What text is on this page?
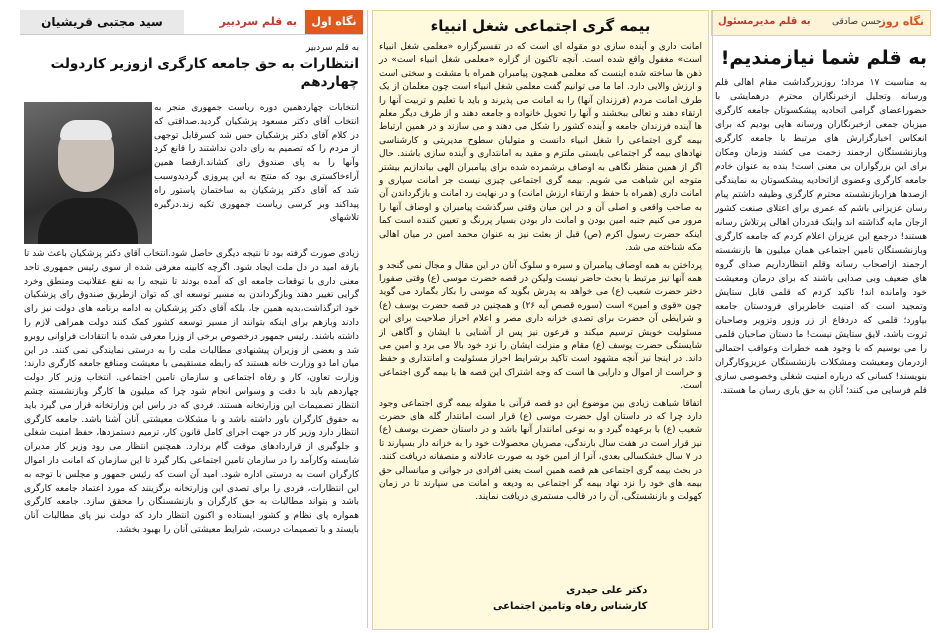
نگاه روز
به قلم مدیرمسئول حسن صادقی
به قلم شما نیازمندیم!
به مناسبت ۱۷ مرداد؛ روزبزرگداشت مقام اهالی قلم ورسانه وتجلیل ازخبرنگاران محترم درهمایشی با حضوراعضای گرامی اتحادیه پیشکسوتان جامعه کارگری میزبان جمعی ازخبرنگاران ورسانه هایی بودیم که برای انعکاس اخبارگزارش های مرتبط با جامعه کارگری وبازنشستگان ارجمند زحمت می کشند وزمان ومکان برای این بزرگواران بی معنی است! بنده به عنوان خادم جامعه کارگری وعضوی ازاتحادیه پیشکسوتان به نمایندگی ازصدها هزاربازنشسته محترم کارگری وظیفه داشتم پیام رسان عزیزانی باشم که عمری برای اعتلای صنعت کشور ازجان مایه گذاشته اند واینک قدردان اهالی پرتلاش رسانه هستند! درجمع این عزیزان اعلام کردم که جامعه کارگری وبازنشستگان تامین اجتماعی همان میلیون ها بازنشسته ارجمند ازاصحاب رسانه وقلم انتظارداریم صدای گروه های ضعیف وبی صدایی باشند که برای درمان ومعیشت خود وامانده اند! تاکید کردم که قلمی قابل ستایش وتمجید است که امنیت خاطربرای فرودستان جامعه بیاورد؛ قلمی که دردفاع از زر وزور وتزویر وصاحبان ثروت باشد، لایق ستایش نیست! ما دستان صاحبان قلمی را می بوسیم که با وجود همه خطرات وعواقب احتمالی ازدرمان ومعیشت ومشکلات بازنشستگان عزیزوکارگران بنویسند! کسانی که درباره امنیت شغلی وخصوصی سازی قلم فرسایی می کنند؛ آنان به حق یاری رسان ما هستند.
بیمه گری اجتماعی شغل انبیاء

امانت داری و آینده سازی دو مقوله ای است که در تفسیرگزاره «معلمی شغل انبیاء است» مغفول واقع شده است. آنچه تاکنون از گزاره «معلمی شغل انبیاء است» در ذهن ها ساخته شده اینست که معلمی همچون پیامبران همراه با مشقت و سختی است و ارزش والایی دارد. اما ما می توانیم گفت معلمی شغل انبیاء است چون معلمان از یک طرف امانت مردم (فرزندان آنها) را به امانت می پذیرند و باید با تعلیم و تربیت آنها را ارتقاء دهند و تعالی ببخشند و آنها را تحویل خانواده و جامعه دهند و از طرف دیگر معلم ها آینده فرزندان جامعه و آینده کشور را شکل می دهند و می سازند و در همین ارتباط بیمه گری اجتماعی را شغل انبیاء دانست و متولیان سطوح مدیریتی و کارشناسی نهادهای بیمه گر اجتماعی بایستی ملتزم و مقید به امانتداری و آینده سازی باشند. حال اگر از همین منظر نگاهی به اوصاف برشمرده شده برای پیامبران الهی بیاندازیم بیشتر متوجه این شباهت می شویم. بیمه گری اجتماعی چیزی نیست جز امانت سپاری و امانت داری (همراه با حفظ و ارتقاء ارزش امانت) و در نهایت رد امانت و بازگرداندن آن به صاحب واقعی و اصلی آن و در این میان وقتی سرگذشت پیامبران و اوصاف آنها را مرور می کنیم جنبه امین بودن و امانت دار بودن بسیار پررنگ و تعیین کننده است کما اینکه حضرت رسول اکرم (ص) قبل از بعثت نیز به عنوان محمد امین در میان اهالی مکه شناخته می شد.

پرداختن به همه اوصاف پیامبران و سیره و سلوک آنان در این مقال و مجال نمی گنجد و همه آنها نیز مرتبط با بحث حاضر نیست ولیکن در قصه حضرت موسی (ع) وقتی صفورا دختر حضرت شعیب (ع) می خواهد به پدرش بگوید که موسی را بکار بگمارد می گوید چون «قوی و امین» است (سوره قصص آیه ۲۶) و همچنین در قصه حضرت یوسف (ع) و شرایطی آن حضرت برای تصدی خزانه داری مصر و اعلام احراز صلاحیت برای این مسئولیت خویش ترسیم میکند و فرعون نیز پس از آشنایی با ایشان و آگاهی از شایستگی حضرت یوسف (ع) مقام و منزلت ایشان را نزد خود بالا می برد و امین می داند. در اینجا نیز آنچه مشهود است تاکید برشرایط احراز مسئولیت و امانتداری و حفظ و حراست از اموال و دارایی ها است که وجه اشتراک این قصه ها با بیمه گری اجتماعی است.

اتفاقا شباهت زیادی بین موضوع این دو قصه قرآنی با مقوله بیمه گری اجتماعی وجود دارد چرا که در داستان اول حضرت موسی (ع) قرار است امانتدار گله های حضرت شعیب (ع) با برعهده گیرد و به نوعی امانتدار آنها باشد و در داستان حضرت یوسف (ع) نیز قرار است در هفت سال بارندگی، مصریان محصولات خود را به خزانه دار بسپارند تا در ۷ سال خشکسالی بعدی، آنرا از امین خود به صورت عادلانه و منصفانه دریافت کنند. در بحث بیمه گری اجتماعی هم قصه همین است یعنی افرادی در جوانی و میانسالی حق بیمه های خود را نزد نهاد بیمه گر اجتماعی به ودیعه و امانت می سپارند تا در زمان کهولت و بازنشستگی، آن را در قالب مستمری دریافت نمایند.

دکتر علی حیدری
کارشناس رفاه وتامین اجتماعی
نگاه اول
به قلم سردبیر
سید مجتبی قریشیان
به قلم سردبیر
انتظارات به حق جامعه کارگری ازوزیر کاردولت چهاردهم
انتخابات چهاردهمین دوره ریاست جمهوری منجر به انتخاب آقای دکتر مسعود پزشکیان گردید.صداقتی که در کلام آقای دکتر پزشکیان حس شد کسرقابل توجهی از مردم را که تصمیم به رای دادن نداشتند را قانع کرد وآنها را به پای صندوق رای کشاند.ازقضا همین آراءخاکستری بود که منتج به این پیروزی گردیدوسبب شد که آقای دکتر پزشکیان به ساختمان پاستور راه پیداکند وبر کرسی ریاست جمهوری تکیه زند.درگیره تلاشهای
زیادی صورت گرفته بود تا نتیجه دیگری حاصل شود.انتخاب آقای دکتر پزشکیان باعث شد تا بارقه امید در دل ملت ایجاد شود. اگرچه کابینه معرفی شده از سوی رئیس جمهوری تاحد معنی داری با توقعات جامعه ای که آمده بودند تا نتیجه را به نفع عقلانیت ومنطق وخرد گرایی تغییر دهند وبازگرداندن به مسیر توسعه ای که توان ازطریق صندوق رای پزشکیان خود اثرگذاشت،بدیه همین جا، بلکه آقای دکتر پزشکیان به ادامه برنامه های دولت نیز رای دادند وبازهم برای اینکه بتوانند از مسیر توسعه کشور کمک کنند دولت همراهی لازم را داشته باشند. رئیس جمهور درخصوص برخی از وزرا معرفی شده با انتقادات فراوانی روبرو شد و بعضی از وزیران پیشنهادی مطالبات ملت را به درستی نمایندگی نمی کنند. در این میان اما دو وزارت خانه هستند که رابطه مستقیمی با معیشت ومنافع جامعه کارگری دارند: وزارت تعاون، کار و رفاه اجتماعی و سازمان تامین اجتماعی. انتخاب وزیر کار دولت چهاردهم باید با دقت و وسواس انجام شود چرا که میلیون ها کارگر وبازنشسته چشم انتظار تصمیمات این وزارتخانه هستند. فردی که در راس این وزارتخانه قرار می گیرد باید به حقوق کارگران باور داشته باشد و با مشکلات معیشتی آنان آشنا باشد. جامعه کارگری انتظار دارد وزیر کار در جهت اجرای کامل قانون کار، ترمیم دستمزدها، حفظ امنیت شغلی و جلوگیری از قراردادهای موقت گام بردارد. همچنین انتظار می رود وزیر کار مدیران شایسته وکارآمد را در سازمان تامین اجتماعی بکار گیرد تا این سازمان که امانت دار اموال کارگران است به درستی اداره شود. امید آن است که رئیس جمهور و مجلس با توجه به این انتظارات، فردی را برای تصدی این وزارتخانه برگزینند که مورد اعتماد جامعه کارگری باشد و بتواند مطالبات به حق کارگران و بازنشستگان را محقق سازد. جامعه کارگری همواره پای نظام و کشور ایستاده و اکنون انتظار دارد که دولت نیز پای مطالبات آنان بایستد و با تصمیمات درست، شرایط معیشتی آنان را بهبود بخشد.
